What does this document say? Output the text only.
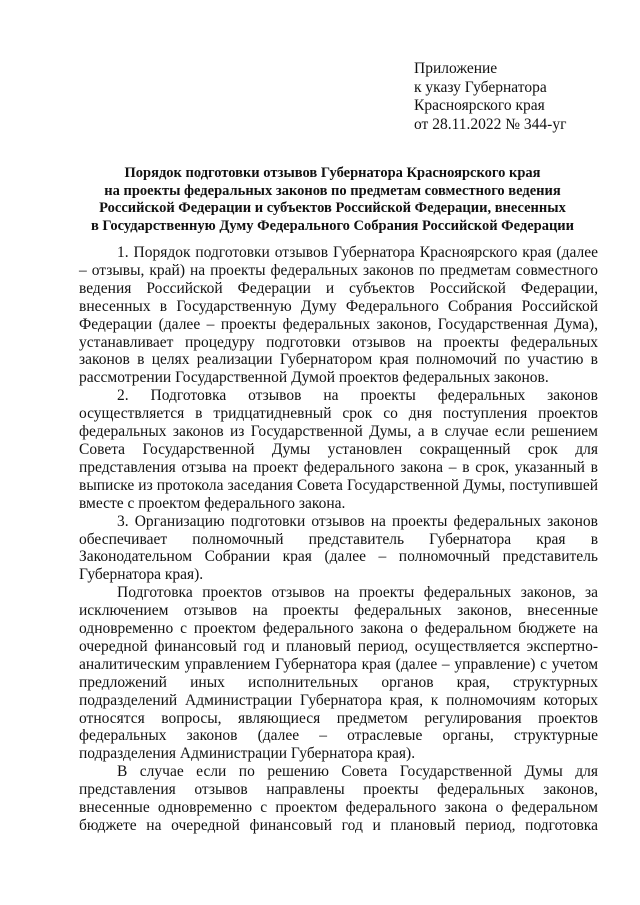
Приложение
к указу Губернатора
Красноярского края
от 28.11.2022 № 344-уг
Порядок подготовки отзывов Губернатора Красноярского края
на проекты федеральных законов по предметам совместного ведения
Российской Федерации и субъектов Российской Федерации, внесенных
в Государственную Думу Федерального Собрания Российской Федерации

1. Порядок подготовки отзывов Губернатора Красноярского края (далее – отзывы, край) на проекты федеральных законов по предметам совместного ведения Российской Федерации и субъектов Российской Федерации, внесенных в Государственную Думу Федерального Собрания Российской Федерации (далее – проекты федеральных законов, Государственная Дума), устанавливает процедуру подготовки отзывов на проекты федеральных законов в целях реализации Губернатором края полномочий по участию в рассмотрении Государственной Думой проектов федеральных законов.

2. Подготовка отзывов на проекты федеральных законов осуществляется в тридцатидневный срок со дня поступления проектов федеральных законов из Государственной Думы, а в случае если решением Совета Государственной Думы установлен сокращенный срок для представления отзыва на проект федерального закона – в срок, указанный в выписке из протокола заседания Совета Государственной Думы, поступившей вместе с проектом федерального закона.

3. Организацию подготовки отзывов на проекты федеральных законов обеспечивает полномочный представитель Губернатора края в Законодательном Собрании края (далее – полномочный представитель Губернатора края).

Подготовка проектов отзывов на проекты федеральных законов, за исключением отзывов на проекты федеральных законов, внесенные одновременно с проектом федерального закона о федеральном бюджете на очередной финансовый год и плановый период, осуществляется экспертно-аналитическим управлением Губернатора края (далее – управление) с учетом предложений иных исполнительных органов края, структурных подразделений Администрации Губернатора края, к полномочиям которых относятся вопросы, являющиеся предметом регулирования проектов федеральных законов (далее – отраслевые органы, структурные подразделения Администрации Губернатора края).

В случае если по решению Совета Государственной Думы для представления отзывов направлены проекты федеральных законов, внесенные одновременно с проектом федерального закона о федеральном бюджете на очередной финансовый год и плановый период, подготовка
